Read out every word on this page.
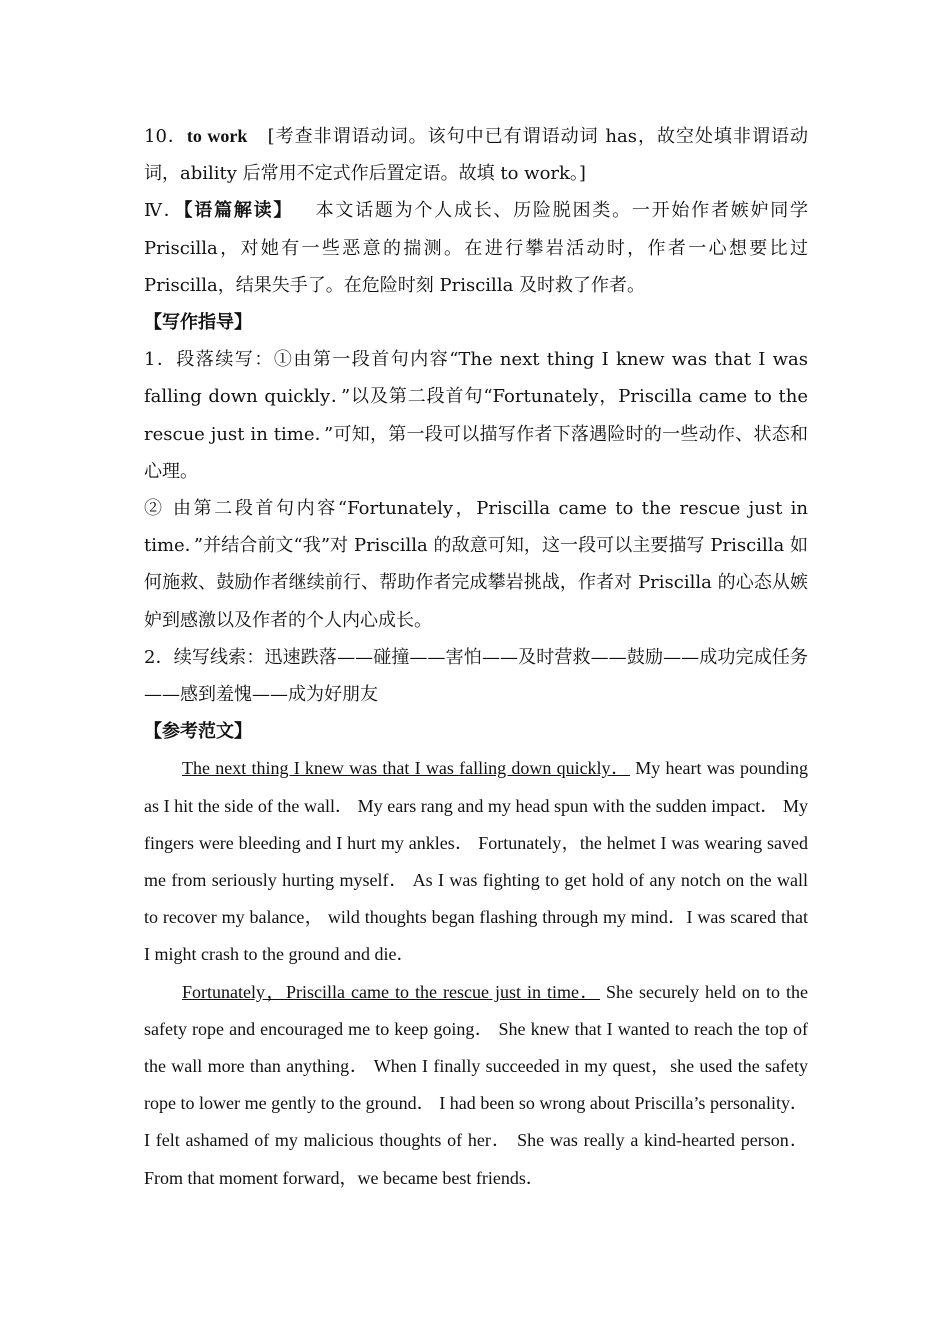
10．to work [考查非谓语动词。该句中已有谓语动词 has，故空处填非谓语动词，ability 后常用不定式作后置定语。故填 to work。]

Ⅳ．【语篇解读】 本文话题为个人成长、历险脱困类。一开始作者嫉妒同学 Priscilla，对她有一些恶意的揣测。在进行攀岩活动时，作者一心想要比过 Priscilla，结果失手了。在危险时刻 Priscilla 及时救了作者。

【写作指导】

1．段落续写：①由第一段首句内容“The next thing I knew was that I was falling down quickly．”以及第二段首句“Fortunately，Priscilla came to the rescue just in time．”可知，第一段可以描写作者下落遇险时的一些动作、状态和心理。

② 由第二段首句内容“Fortunately，Priscilla came to the rescue just in time．”并结合前文“我”对 Priscilla 的敌意可知，这一段可以主要描写 Priscilla 如何施救、鼓励作者继续前行、帮助作者完成攀岩挑战，作者对 Priscilla 的心态从嫉妒到感激以及作者的个人内心成长。

2．续写线索：迅速跌落——碰撞——害怕——及时营救——鼓励——成功完成任务——感到羞愧——成为好朋友

【参考范文】

The next thing I knew was that I was falling down quickly． My heart was pounding as I hit the side of the wall． My ears rang and my head spun with the sudden impact． My fingers were bleeding and I hurt my ankles． Fortunately，the helmet I was wearing saved me from seriously hurting myself． As I was fighting to get hold of any notch on the wall to recover my balance， wild thoughts began flashing through my mind．I was scared that I might crash to the ground and die．

Fortunately，Priscilla came to the rescue just in time． She securely held on to the safety rope and encouraged me to keep going． She knew that I wanted to reach the top of the wall more than anything． When I finally succeeded in my quest，she used the safety rope to lower me gently to the ground． I had been so wrong about Priscilla’s personality． I felt ashamed of my malicious thoughts of her． She was really a kind-hearted person．From that moment forward，we became best friends．
